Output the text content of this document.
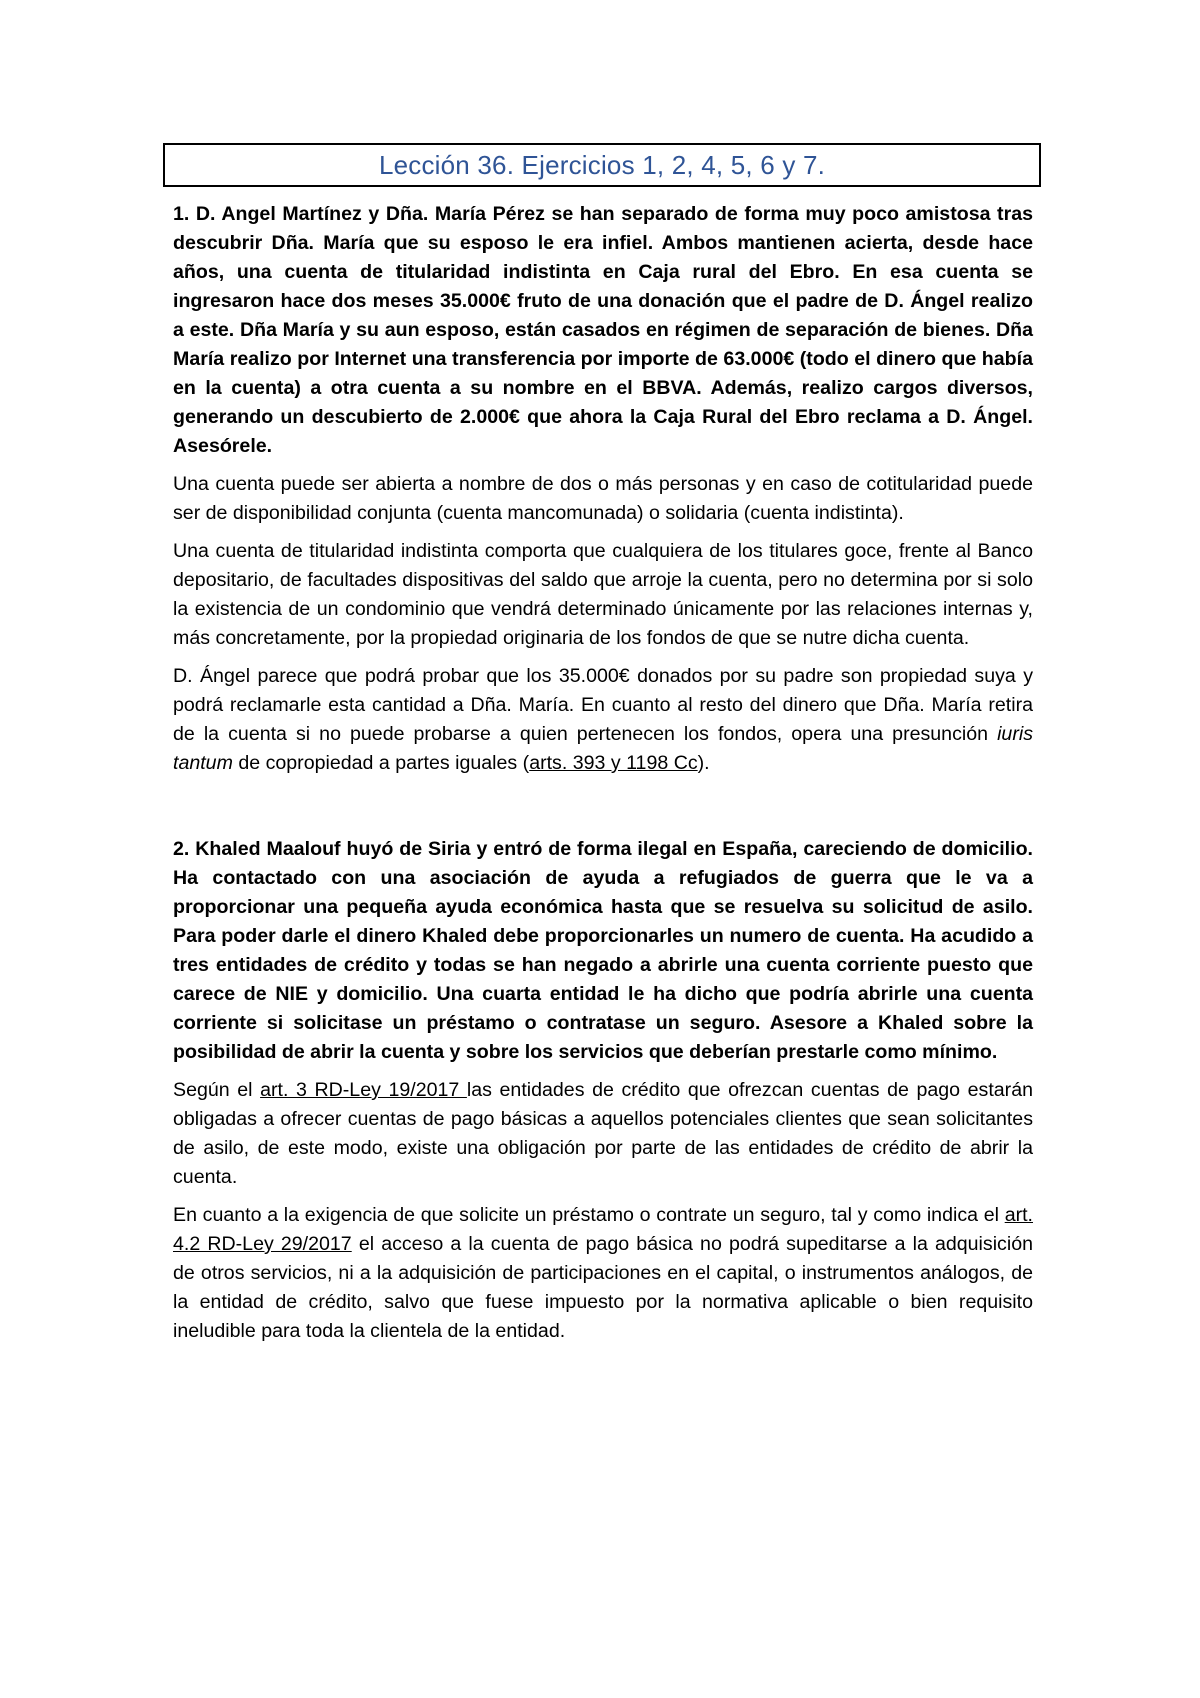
Lección 36. Ejercicios 1, 2, 4, 5, 6 y 7.

1. D. Angel Martínez y Dña. María Pérez se han separado de forma muy poco amistosa tras descubrir Dña. María que su esposo le era infiel. Ambos mantienen acierta, desde hace años, una cuenta de titularidad indistinta en Caja rural del Ebro. En esa cuenta se ingresaron hace dos meses 35.000€ fruto de una donación que el padre de D. Ángel realizo a este. Dña María y su aun esposo, están casados en régimen de separación de bienes. Dña María realizo por Internet una transferencia por importe de 63.000€ (todo el dinero que había en la cuenta) a otra cuenta a su nombre en el BBVA. Además, realizo cargos diversos, generando un descubierto de 2.000€ que ahora la Caja Rural del Ebro reclama a D. Ángel. Asesórele.

Una cuenta puede ser abierta a nombre de dos o más personas y en caso de cotitularidad puede ser de disponibilidad conjunta (cuenta mancomunada) o solidaria (cuenta indistinta).

Una cuenta de titularidad indistinta comporta que cualquiera de los titulares goce, frente al Banco depositario, de facultades dispositivas del saldo que arroje la cuenta, pero no determina por si solo la existencia de un condominio que vendrá determinado únicamente por las relaciones internas y, más concretamente, por la propiedad originaria de los fondos de que se nutre dicha cuenta.

D. Ángel parece que podrá probar que los 35.000€ donados por su padre son propiedad suya y podrá reclamarle esta cantidad a Dña. María. En cuanto al resto del dinero que Dña. María retira de la cuenta si no puede probarse a quien pertenecen los fondos, opera una presunción iuris tantum de copropiedad a partes iguales (arts. 393 y 1198 Cc).

2. Khaled Maalouf huyó de Siria y entró de forma ilegal en España, careciendo de domicilio. Ha contactado con una asociación de ayuda a refugiados de guerra que le va a proporcionar una pequeña ayuda económica hasta que se resuelva su solicitud de asilo. Para poder darle el dinero Khaled debe proporcionarles un numero de cuenta. Ha acudido a tres entidades de crédito y todas se han negado a abrirle una cuenta corriente puesto que carece de NIE y domicilio. Una cuarta entidad le ha dicho que podría abrirle una cuenta corriente si solicitase un préstamo o contratase un seguro. Asesore a Khaled sobre la posibilidad de abrir la cuenta y sobre los servicios que deberían prestarle como mínimo.

Según el art. 3 RD-Ley 19/2017 las entidades de crédito que ofrezcan cuentas de pago estarán obligadas a ofrecer cuentas de pago básicas a aquellos potenciales clientes que sean solicitantes de asilo, de este modo, existe una obligación por parte de las entidades de crédito de abrir la cuenta.

En cuanto a la exigencia de que solicite un préstamo o contrate un seguro, tal y como indica el art. 4.2 RD-Ley 29/2017 el acceso a la cuenta de pago básica no podrá supeditarse a la adquisición de otros servicios, ni a la adquisición de participaciones en el capital, o instrumentos análogos, de la entidad de crédito, salvo que fuese impuesto por la normativa aplicable o bien requisito ineludible para toda la clientela de la entidad.
